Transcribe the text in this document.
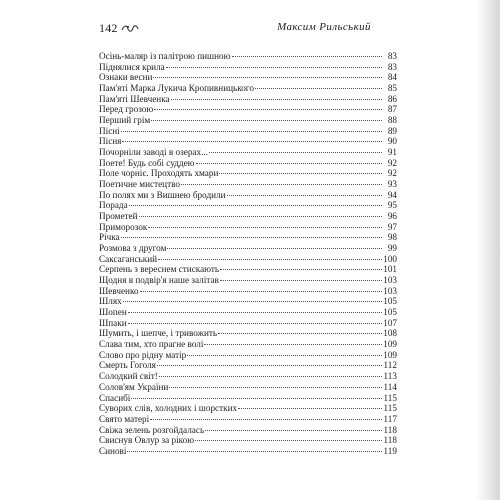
142	Максим Рильський
Осінь-маляр із палітрою пишною	83
Піднялися крила	83
Ознаки весни	84
Пам'яті Марка Лукича Кропивницького	85
Пам'яті Шевченка	86
Перед грозою	87
Перший грім	88
Пісні	89
Пісня	90
Почорніли заводі в озерах...	91
Поете! Будь собі суддею	92
Поле чорніє. Проходять хмари	92
Поетичне мистецтво	93
По полях ми з Вишнею бродили	94
Порада	95
Прометей	96
Приморозок	97
Річка	98
Розмова з другом	99
Саксаганський	100
Серпень з вереснем стискають	101
Щодня в подвір'я наше залітав	103
Шевченко	103
Шлях	105
Шопен	105
Шпаки	107
Шумить, і шепче, і тривожить	108
Слава тим, хто прагне волі	109
Слово про рідну матір	109
Смерть Гоголя	112
Солодкий світ!	113
Солов'ям України	114
Спасибі	115
Суворих слів, холодних і шорстких	115
Свято матері	117
Свіжа зелень розгойдалась	118
Свиснув Овлур за рікою	118
Синові	119
